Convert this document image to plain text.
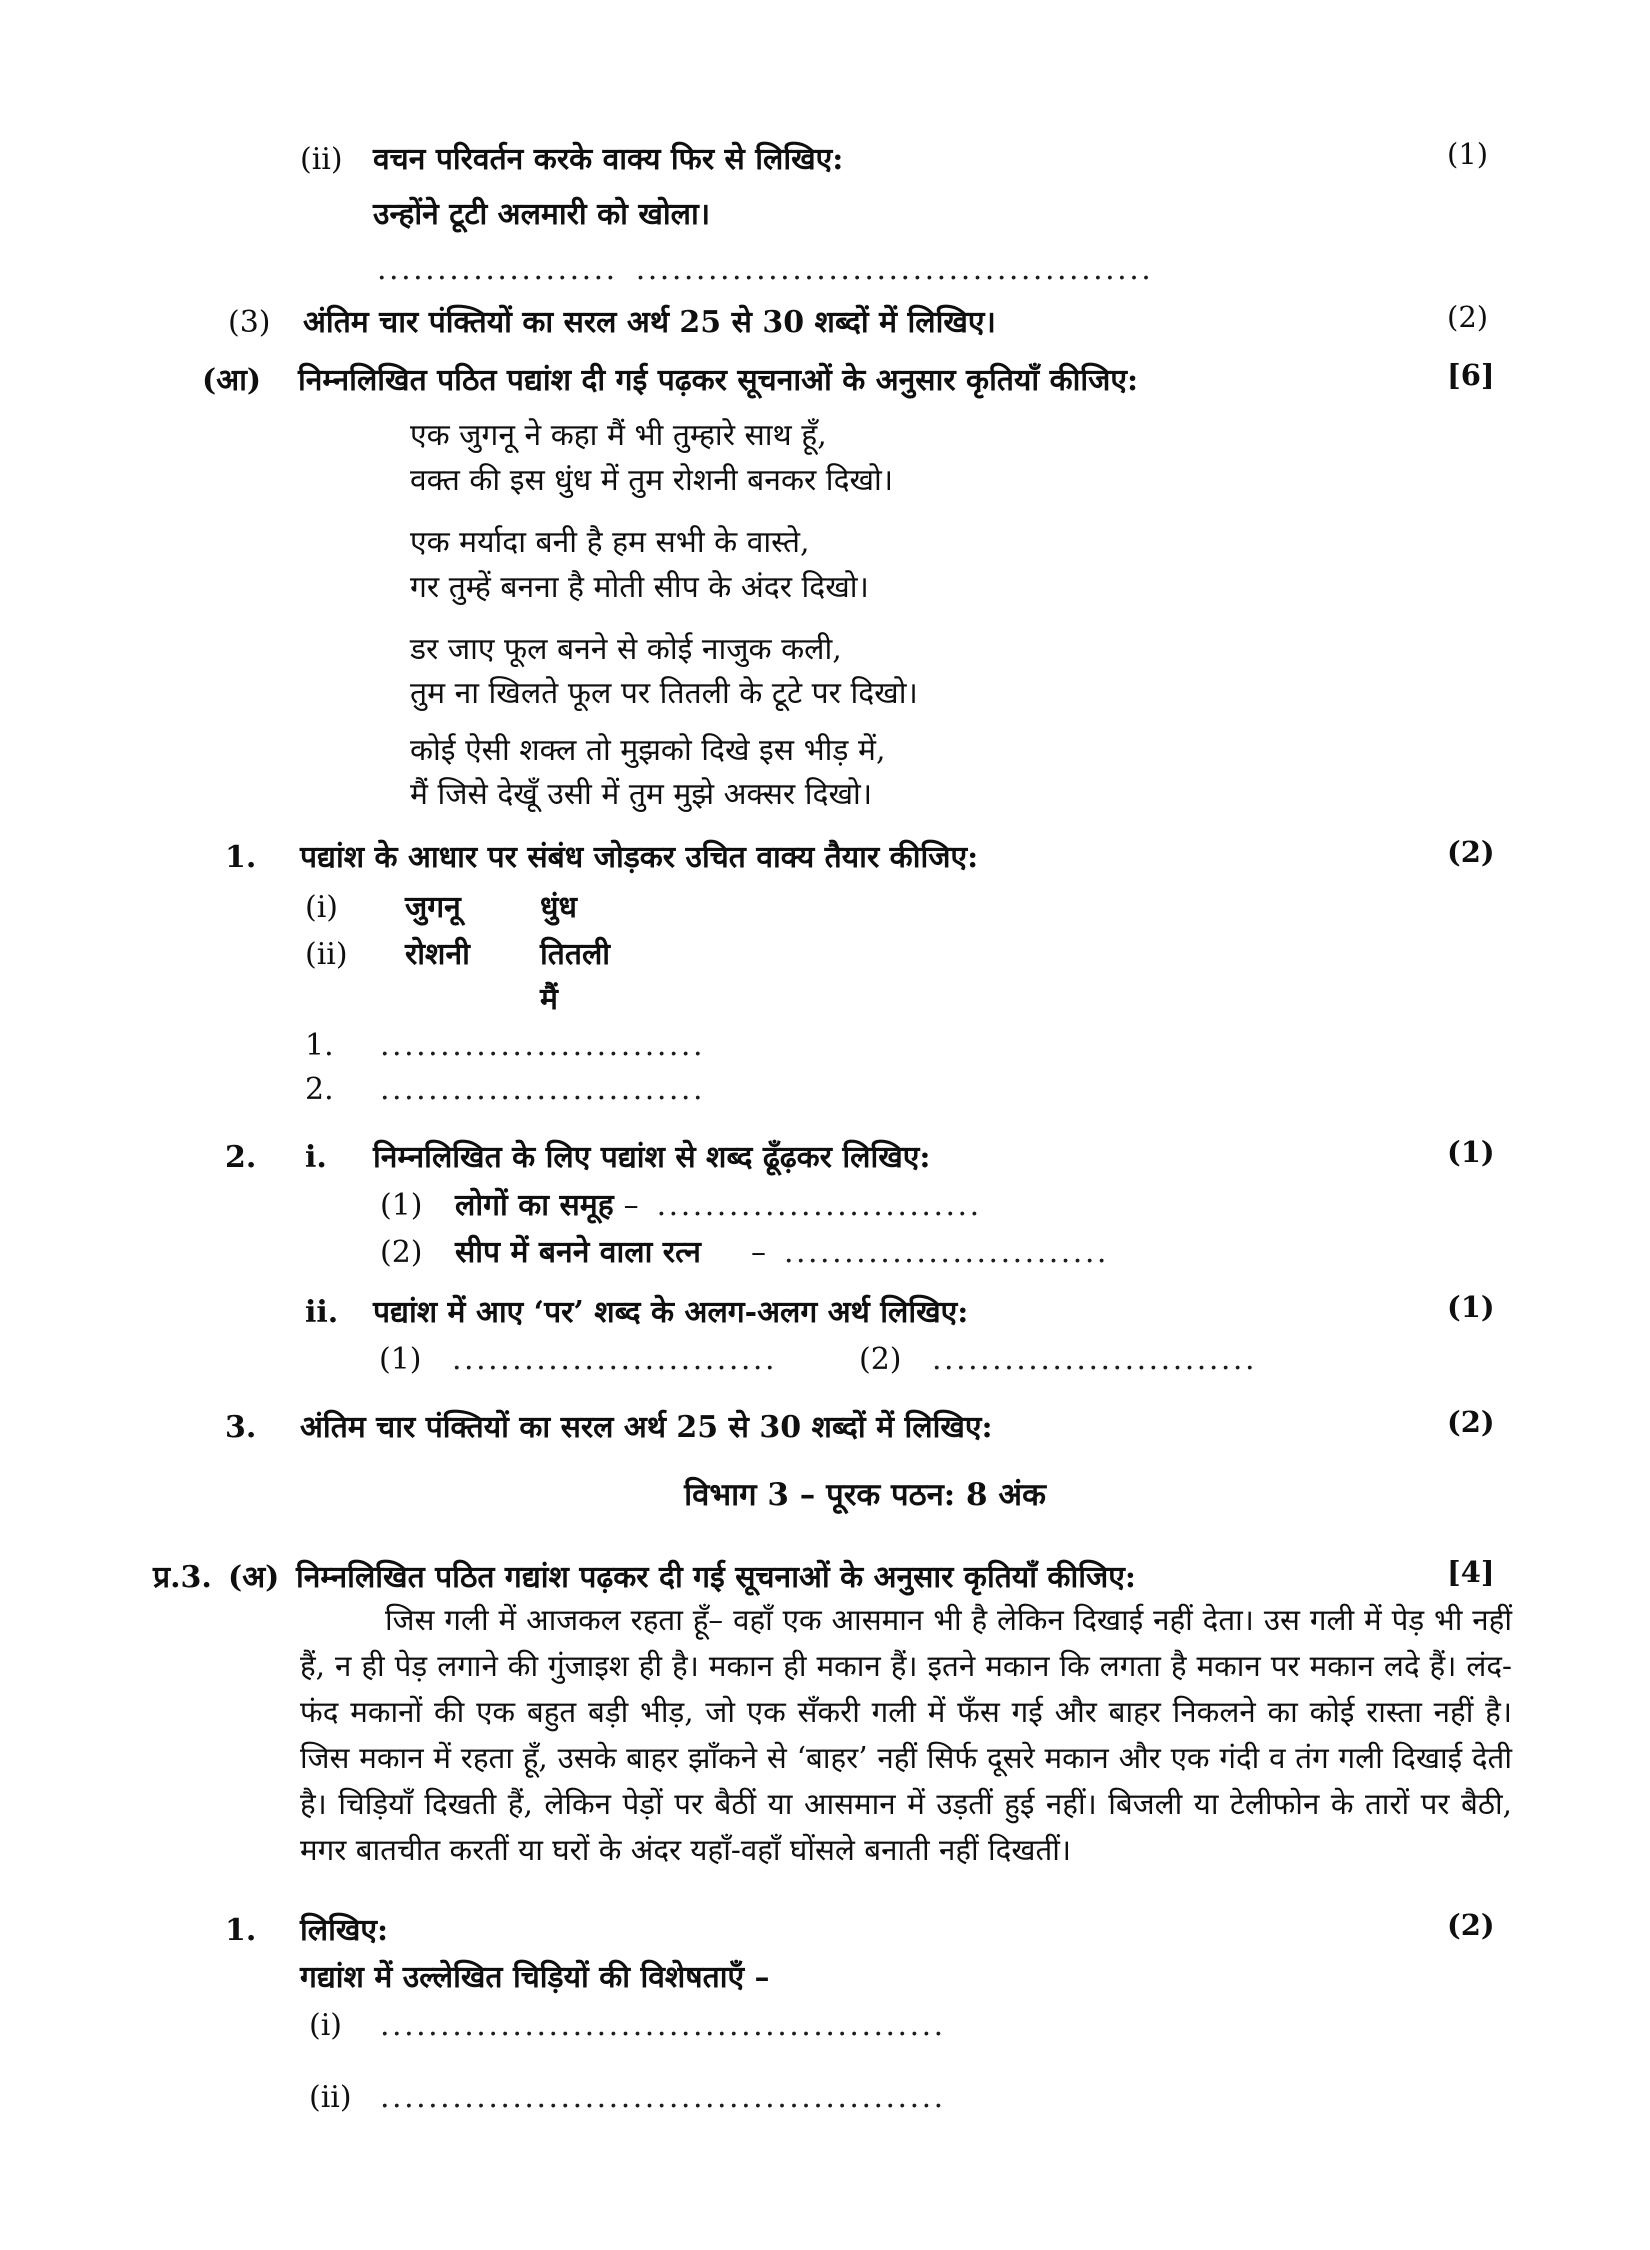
(ii)	वचन परिवर्तन करके वाक्य फिर से लिखिए:	(1)
उन्होंने टूटी अलमारी को खोला।
.................... ...........................................
(3)	अंतिम चार पंक्तियों का सरल अर्थ 25 से 30 शब्दों में लिखिए।	(2)
(आ)	निम्नलिखित पठित पद्यांश दी गई पढ़कर सूचनाओं के अनुसार कृतियाँ कीजिए:	[6]
एक जुगनू ने कहा मैं भी तुम्हारे साथ हूँ,
वक्त की इस धुंध में तुम रोशनी बनकर दिखो।
एक मर्यादा बनी है हम सभी के वास्ते,
गर तुम्हें बनना है मोती सीप के अंदर दिखो।
डर जाए फूल बनने से कोई नाजुक कली,
तुम ना खिलते फूल पर तितली के टूटे पर दिखो।
कोई ऐसी शक्ल तो मुझको दिखे इस भीड़ में,
मैं जिसे देखूँ उसी में तुम मुझे अक्सर दिखो।
1.	पद्यांश के आधार पर संबंध जोड़कर उचित वाक्य तैयार कीजिए:	(2)
(i)	जुगनू	धुंध
(ii)	रोशनी	तितली
मैं
1.	...........................
2.	...........................
2.	i.	निम्नलिखित के लिए पद्यांश से शब्द ढूँढ़कर लिखिए:	(1)
(1)	लोगों का समूह – ...........................
(2)	सीप में बनने वाला रत्न – ...........................
ii.	पद्यांश में आए ‘पर’ शब्द के अलग-अलग अर्थ लिखिए:	(1)
(1)	...........................	(2)	...........................
3.	अंतिम चार पंक्तियों का सरल अर्थ 25 से 30 शब्दों में लिखिए:	(2)
विभाग 3 – पूरक पठन: 8 अंक
प्र.3. (अ) निम्नलिखित पठित गद्यांश पढ़कर दी गई सूचनाओं के अनुसार कृतियाँ कीजिए:	[4]
जिस गली में आजकल रहता हूँ– वहाँ एक आसमान भी है लेकिन दिखाई नहीं देता। उस गली में पेड़ भी नहीं हैं, न ही पेड़ लगाने की गुंजाइश ही है। मकान ही मकान हैं। इतने मकान कि लगता है मकान पर मकान लदे हैं। लंद-फंद मकानों की एक बहुत बड़ी भीड़, जो एक सँकरी गली में फँस गई और बाहर निकलने का कोई रास्ता नहीं है। जिस मकान में रहता हूँ, उसके बाहर झाँकने से ‘बाहर’ नहीं सिर्फ दूसरे मकान और एक गंदी व तंग गली दिखाई देती है। चिड़ियाँ दिखती हैं, लेकिन पेड़ों पर बैठीं या आसमान में उड़तीं हुई नहीं। बिजली या टेलीफोन के तारों पर बैठी, मगर बातचीत करतीं या घरों के अंदर यहाँ-वहाँ घोंसले बनाती नहीं दिखतीं।
1.	लिखिए:	(2)
गद्यांश में उल्लेखित चिड़ियों की विशेषताएँ –
(i)	...............................................
(ii) ...............................................
